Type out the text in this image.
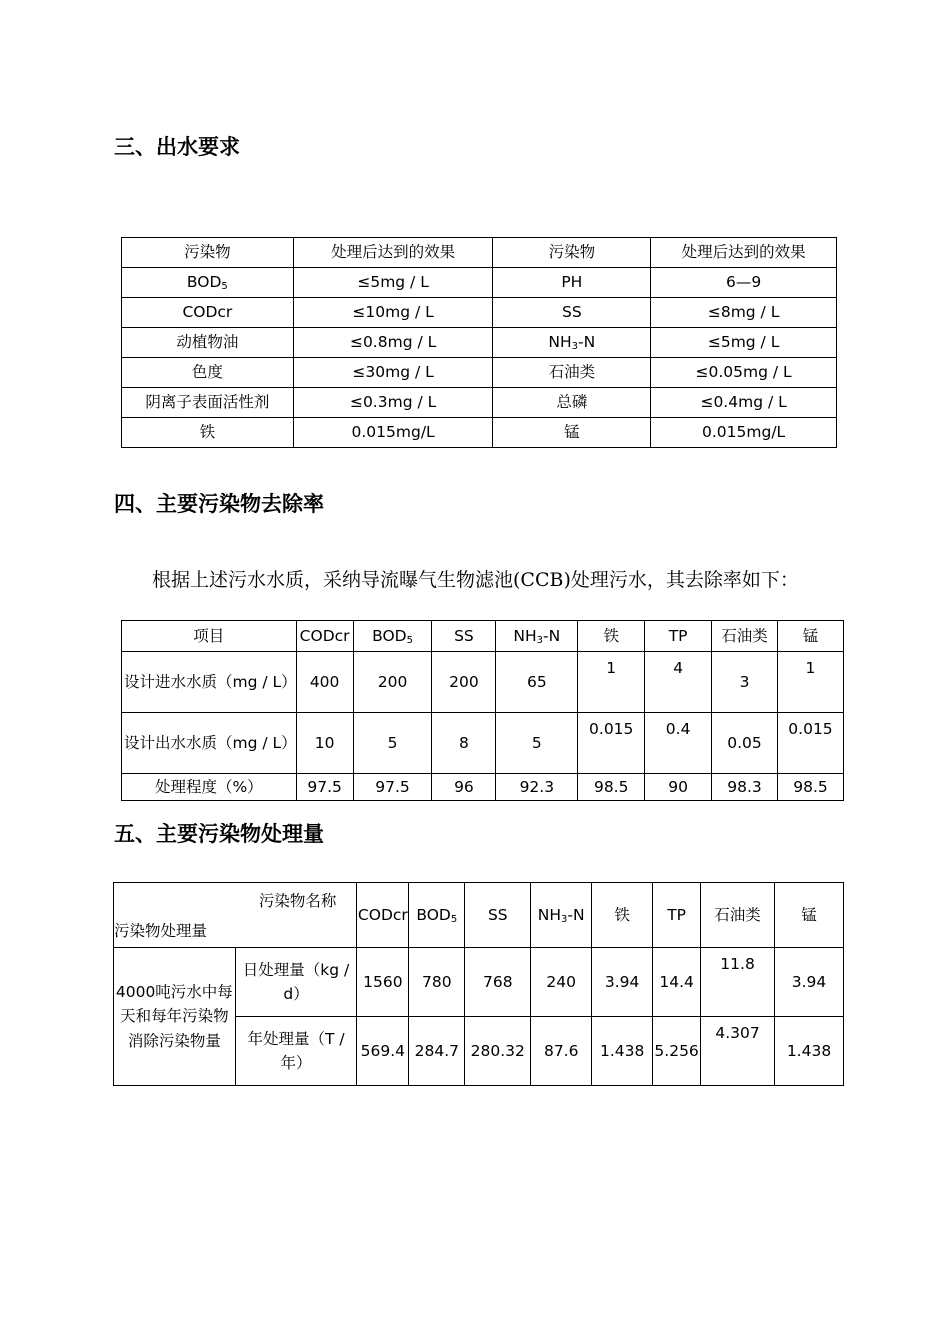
三、出水要求
污染物	处理后达到的效果	污染物	处理后达到的效果
$BOD_5$	≤5mg / L	PH	6—9
CODcr	≤10mg / L	SS	≤8mg / L
动植物油	≤0.8mg / L	$NH_3-N$	≤5mg / L
色度	≤30mg / L	石油类	≤0.05mg / L
阴离子表面活性剂	≤0.3mg / L	总磷	≤0.4mg / L
铁	0.015mg/L	锰	0.015mg/L
四、主要污染物去除率

根据上述污水水质，采纳导流曝气生物滤池(CCB)处理污水，其去除率如下：

项目	CODcr	$BOD_5$	SS	$NH_3-N$	铁	TP	石油类	锰
设计进水水质（mg / L）	400	200	200	65	1	4	3	1
设计出水水质（mg / L）	10	5	8	5	0.015	0.4	0.05	0.015
处理程度（%）	97.5	97.5	96	92.3	98.5	90	98.3	98.5
五、主要污染物处理量
污染物名称
污染物处理量		CODcr	$BOD_5$	SS	$NH_3-N$	铁	TP	石油类	锰
4000吨污水中每天和每年污染物消除污染物量	日处理量（kg / d）	1560	780	768	240	3.94	14.4	11.8	3.94
	年处理量（T / 年）	569.4	284.7	280.32	87.6	1.438	5.256	4.307	1.438
